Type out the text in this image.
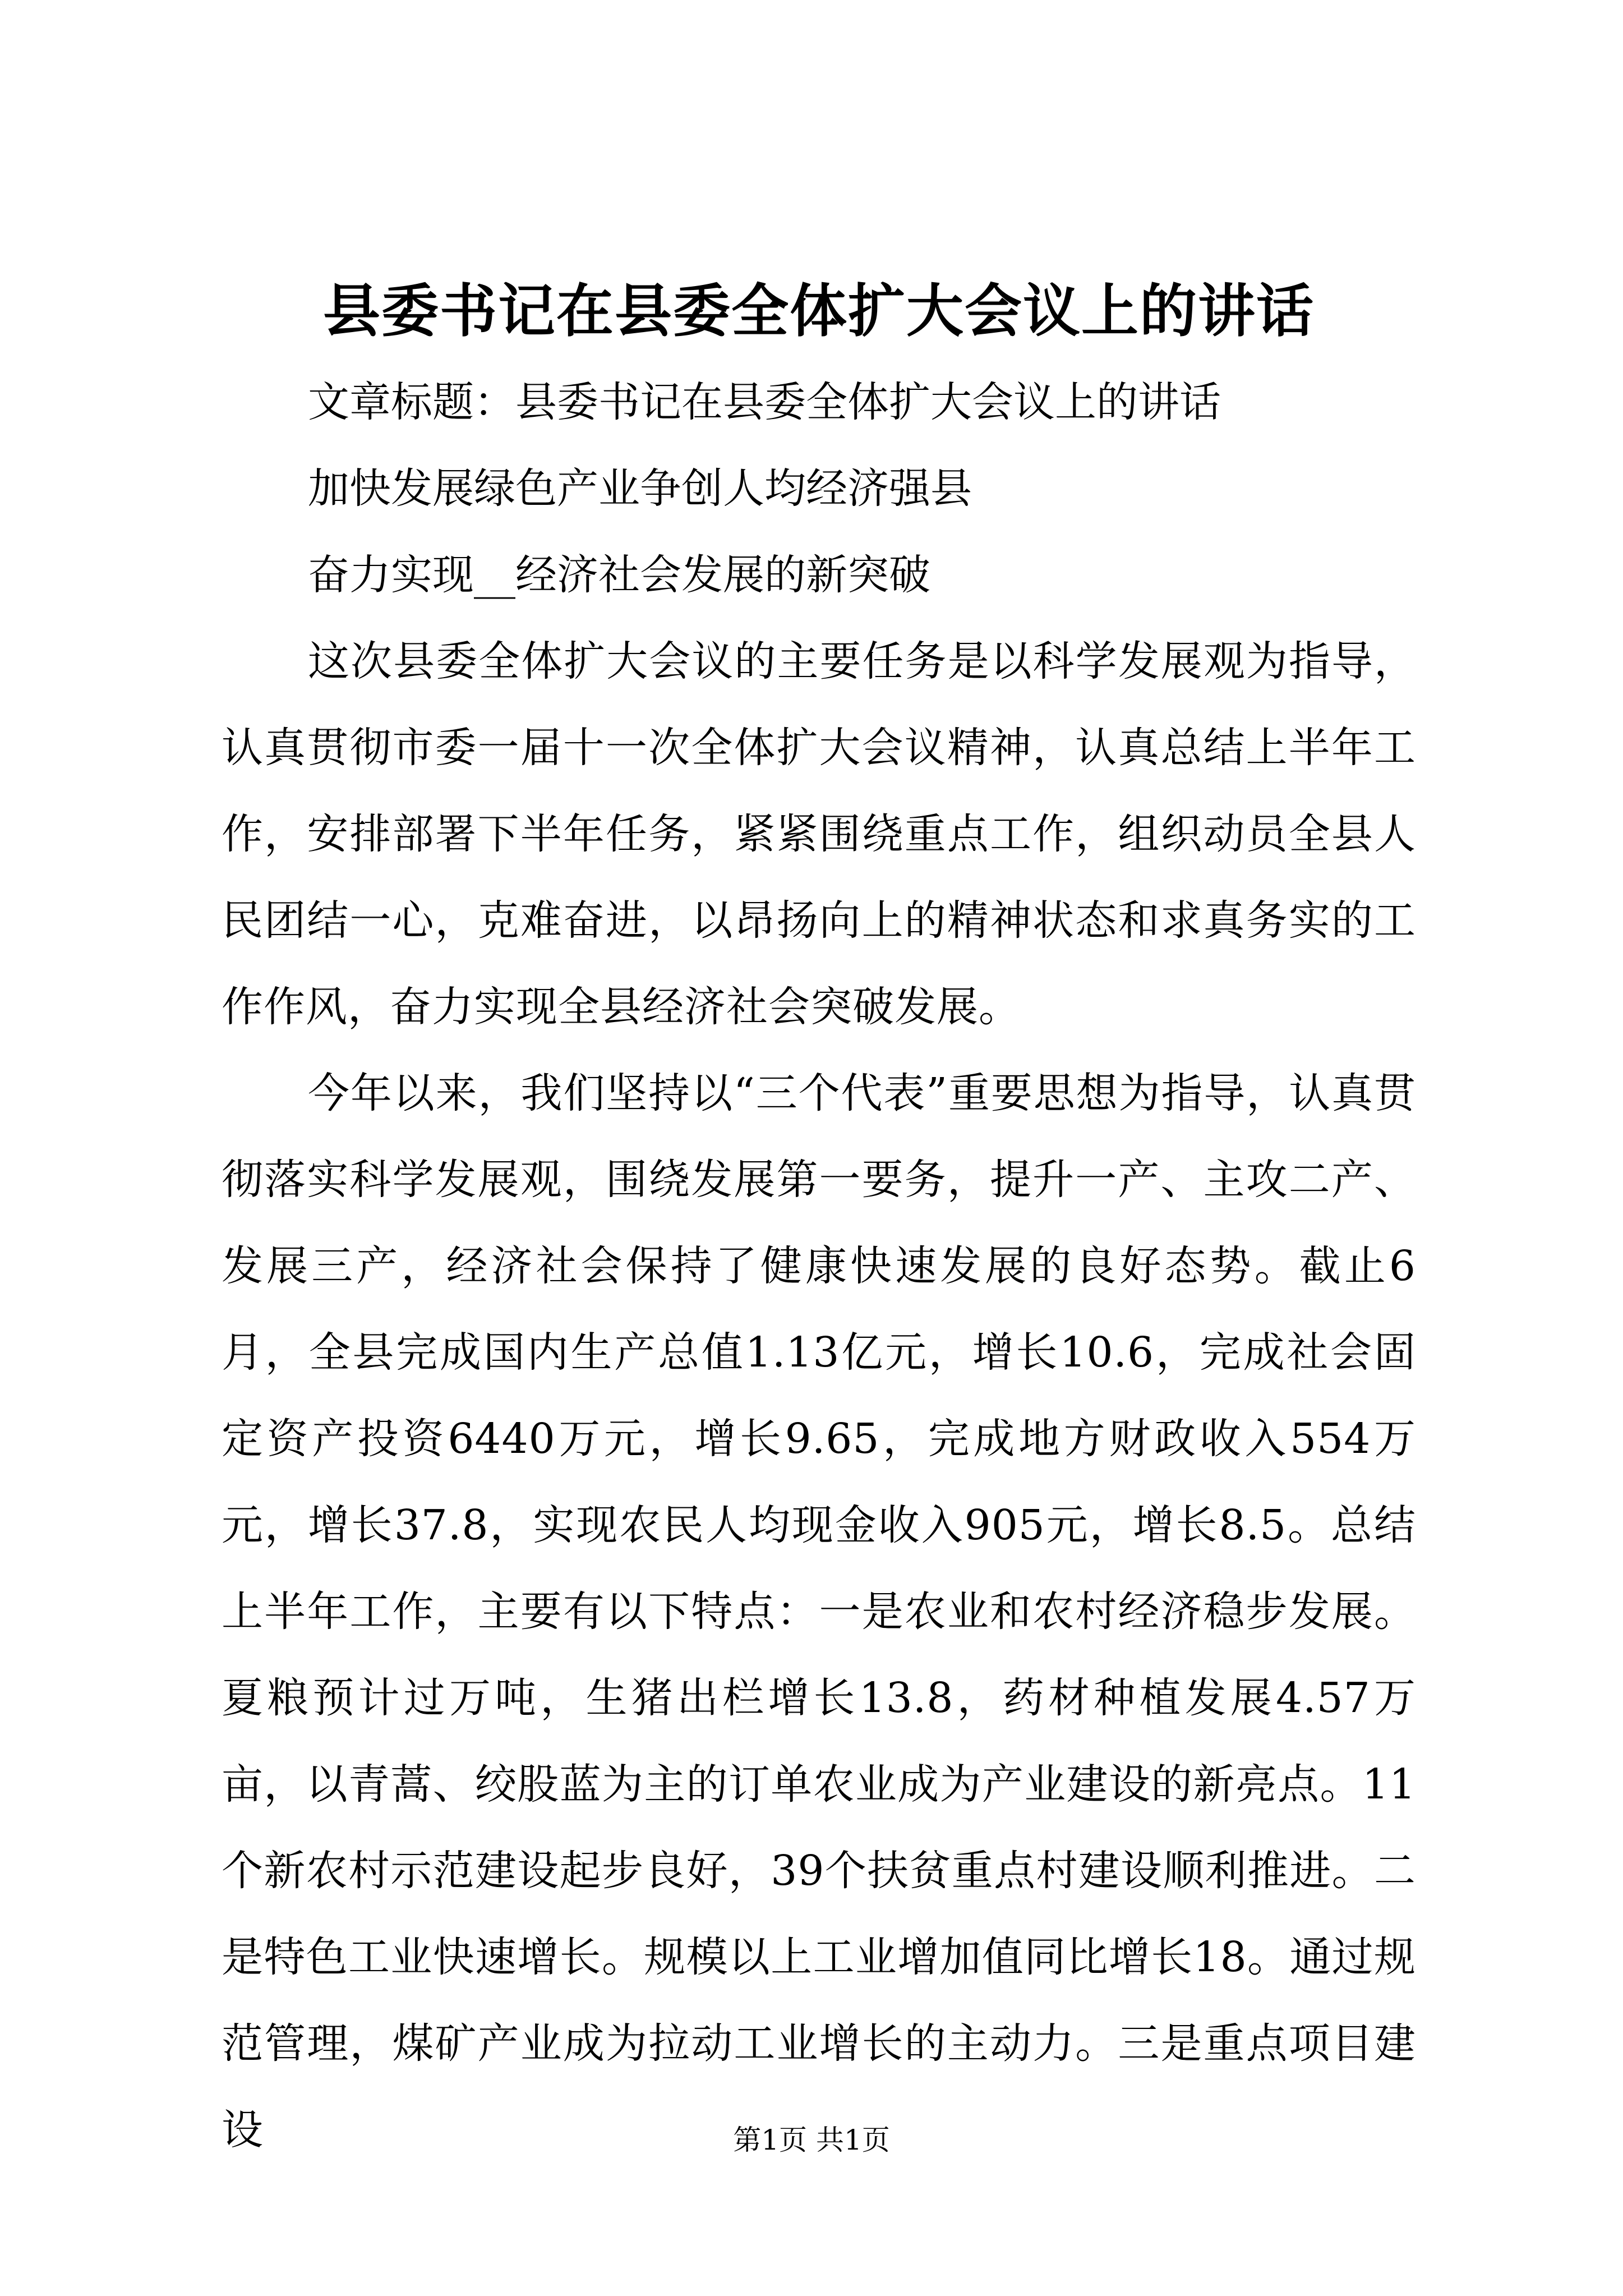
县委书记在县委全体扩大会议上的讲话

文章标题：县委书记在县委全体扩大会议上的讲话

加快发展绿色产业争创人均经济强县

奋力实现__经济社会发展的新突破

这次县委全体扩大会议的主要任务是以科学发展观为指导，认真贯彻市委一届十一次全体扩大会议精神，认真总结上半年工作，安排部署下半年任务，紧紧围绕重点工作，组织动员全县人民团结一心，克难奋进，以昂扬向上的精神状态和求真务实的工作作风，奋力实现全县经济社会突破发展。

今年以来，我们坚持以“三个代表”重要思想为指导，认真贯彻落实科学发展观，围绕发展第一要务，提升一产、主攻二产、发展三产，经济社会保持了健康快速发展的良好态势。截止6月，全县完成国内生产总值1.13亿元，增长10.6，完成社会固定资产投资6440万元，增长9.65，完成地方财政收入554万元，增长37.8，实现农民人均现金收入905元，增长8.5。总结上半年工作，主要有以下特点：一是农业和农村经济稳步发展。夏粮预计过万吨，生猪出栏增长13.8，药材种植发展4.57万亩，以青蒿、绞股蓝为主的订单农业成为产业建设的新亮点。11个新农村示范建设起步良好，39个扶贫重点村建设顺利推进。二是特色工业快速增长。规模以上工业增加值同比增长18。通过规范管理，煤矿产业成为拉动工业增长的主动力。三是重点项目建设	第1页 共1页
